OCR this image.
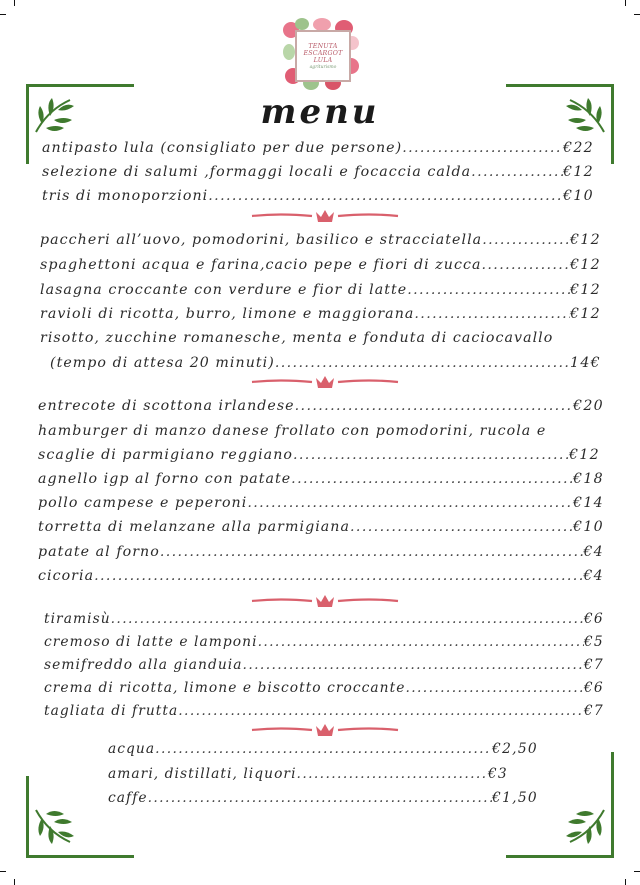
TENUTA
ESCARGOT
LULA
agriturismo
menu
antipasto lula (consigliato per due persone) .....	€22
selezione di salumi ,formaggi locali e focaccia calda .....	€12
tris di monoporzioni .....	€10
paccheri all’uovo, pomodorini, basilico e stracciatella .....	€12
spaghettoni acqua e farina,cacio pepe e fiori di zucca .....	€12
lasagna croccante con verdure e fior di latte .....	€12
ravioli di ricotta, burro, limone e maggiorana .....	€12
risotto, zucchine romanesche, menta e fonduta di caciocavallo
(tempo di attesa 20 minuti) .....	14€
entrecote di scottona irlandese .....	€20
hamburger di manzo danese frollato con pomodorini, rucola e
scaglie di parmigiano reggiano .....	€12
agnello igp al forno con patate .....	€18
pollo campese e peperoni .....	€14
torretta di melanzane alla parmigiana .....	€10
patate al forno .....	€4
cicoria .....	€4
tiramisù .....	€6
cremoso di latte e lamponi .....	€5
semifreddo alla gianduia .....	€7
crema di ricotta, limone e biscotto croccante .....	€6
tagliata di frutta .....	€7
acqua .....	€2,50
amari, distillati, liquori .....	€3
caffe .....	€1,50
